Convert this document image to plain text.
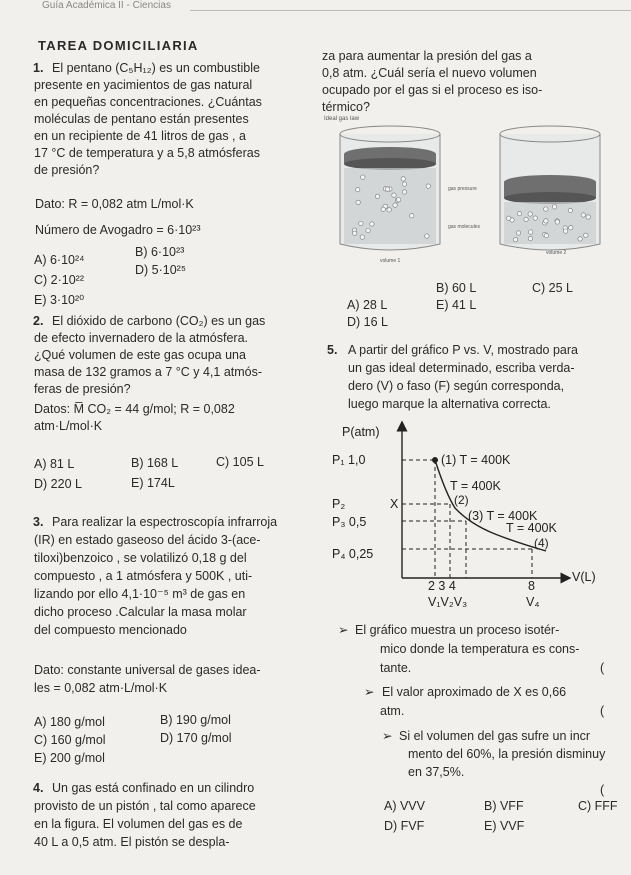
Guía Académica II - Ciencias
TAREA DOMICILIARIA
1. El pentano (C₅H₁₂) es un combustible
presente en yacimientos de gas natural
en pequeñas concentraciones. ¿Cuántas
moléculas de pentano están presentes
en un recipiente de 41 litros de gas , a
17 °C de temperatura y a 5,8 atmósferas
de presión?
Dato: R = 0,082 atm L/mol·K
Número de Avogadro = 6·10²³
A) 6·10²⁴
B) 6·10²³
C) 2·10²²
D) 5·10²⁵
E) 3·10²⁰
2. El dióxido de carbono (CO₂) es un gas
de efecto invernadero de la atmósfera.
¿Qué volumen de este gas ocupa una
masa de 132 gramos a 7 °C y 4,1 atmós-
feras de presión?
Datos: M̅ CO₂ = 44 g/mol; R = 0,082
atm·L/mol·K
A) 81 L	B) 168 L	C) 105 L
D) 220 L	E) 174L
3. Para realizar la espectroscopía infrarroja
(IR) en estado gaseoso del ácido 3-(ace-
tiloxi)benzoico , se volatilizó 0,18 g del
compuesto , a 1 atmósfera y 500K , uti-
lizando por ello 4,1·10⁻⁵ m³ de gas en
dicho proceso .Calcular la masa molar
del compuesto mencionado
Dato: constante universal de gases idea-
les = 0,082 atm·L/mol·K
A) 180 g/mol	B) 190 g/mol
C) 160 g/mol	D) 170 g/mol
E) 200 g/mol
4. Un gas está confinado en un cilindro
provisto de un pistón , tal como aparece
en la figura. El volumen del gas es de
40 L a 0,5 atm. El pistón se despla-
za para aumentar la presión del gas a
0,8 atm. ¿Cuál sería el nuevo volumen
ocupado por el gas si el proceso es iso-
térmico?
Ideal gas law
gas pressure
gas molecules
volume 1
volume 2
A) 28 L
B) 60 L	C) 25 L
D) 16 L
E) 41 L
5. A partir del gráfico P vs. V, mostrado para
un gas ideal determinado, escriba verda-
dero (V) o faso (F) según corresponda,
luego marque la alternativa correcta.
P(atm)
V(L)
P₁ 1,0
P₂
P₃ 0,5
P₄ 0,25
X
(1) T = 400K
T = 400K
(2)
(3) T = 400K
T = 400K
(4)
2 3 4	8
V₁V₂V₃	V₄
➢ El gráfico muestra un proceso isotér-
mico donde la temperatura es cons-
tante.	(
➢ El valor aproximado de X es 0,66
atm.	(
➢ Si el volumen del gas sufre un incr
mento del 60%, la presión disminuy
en 37,5%.
(
A) VVV	B) VFF	C) FFF
D) FVF	E) VVF
